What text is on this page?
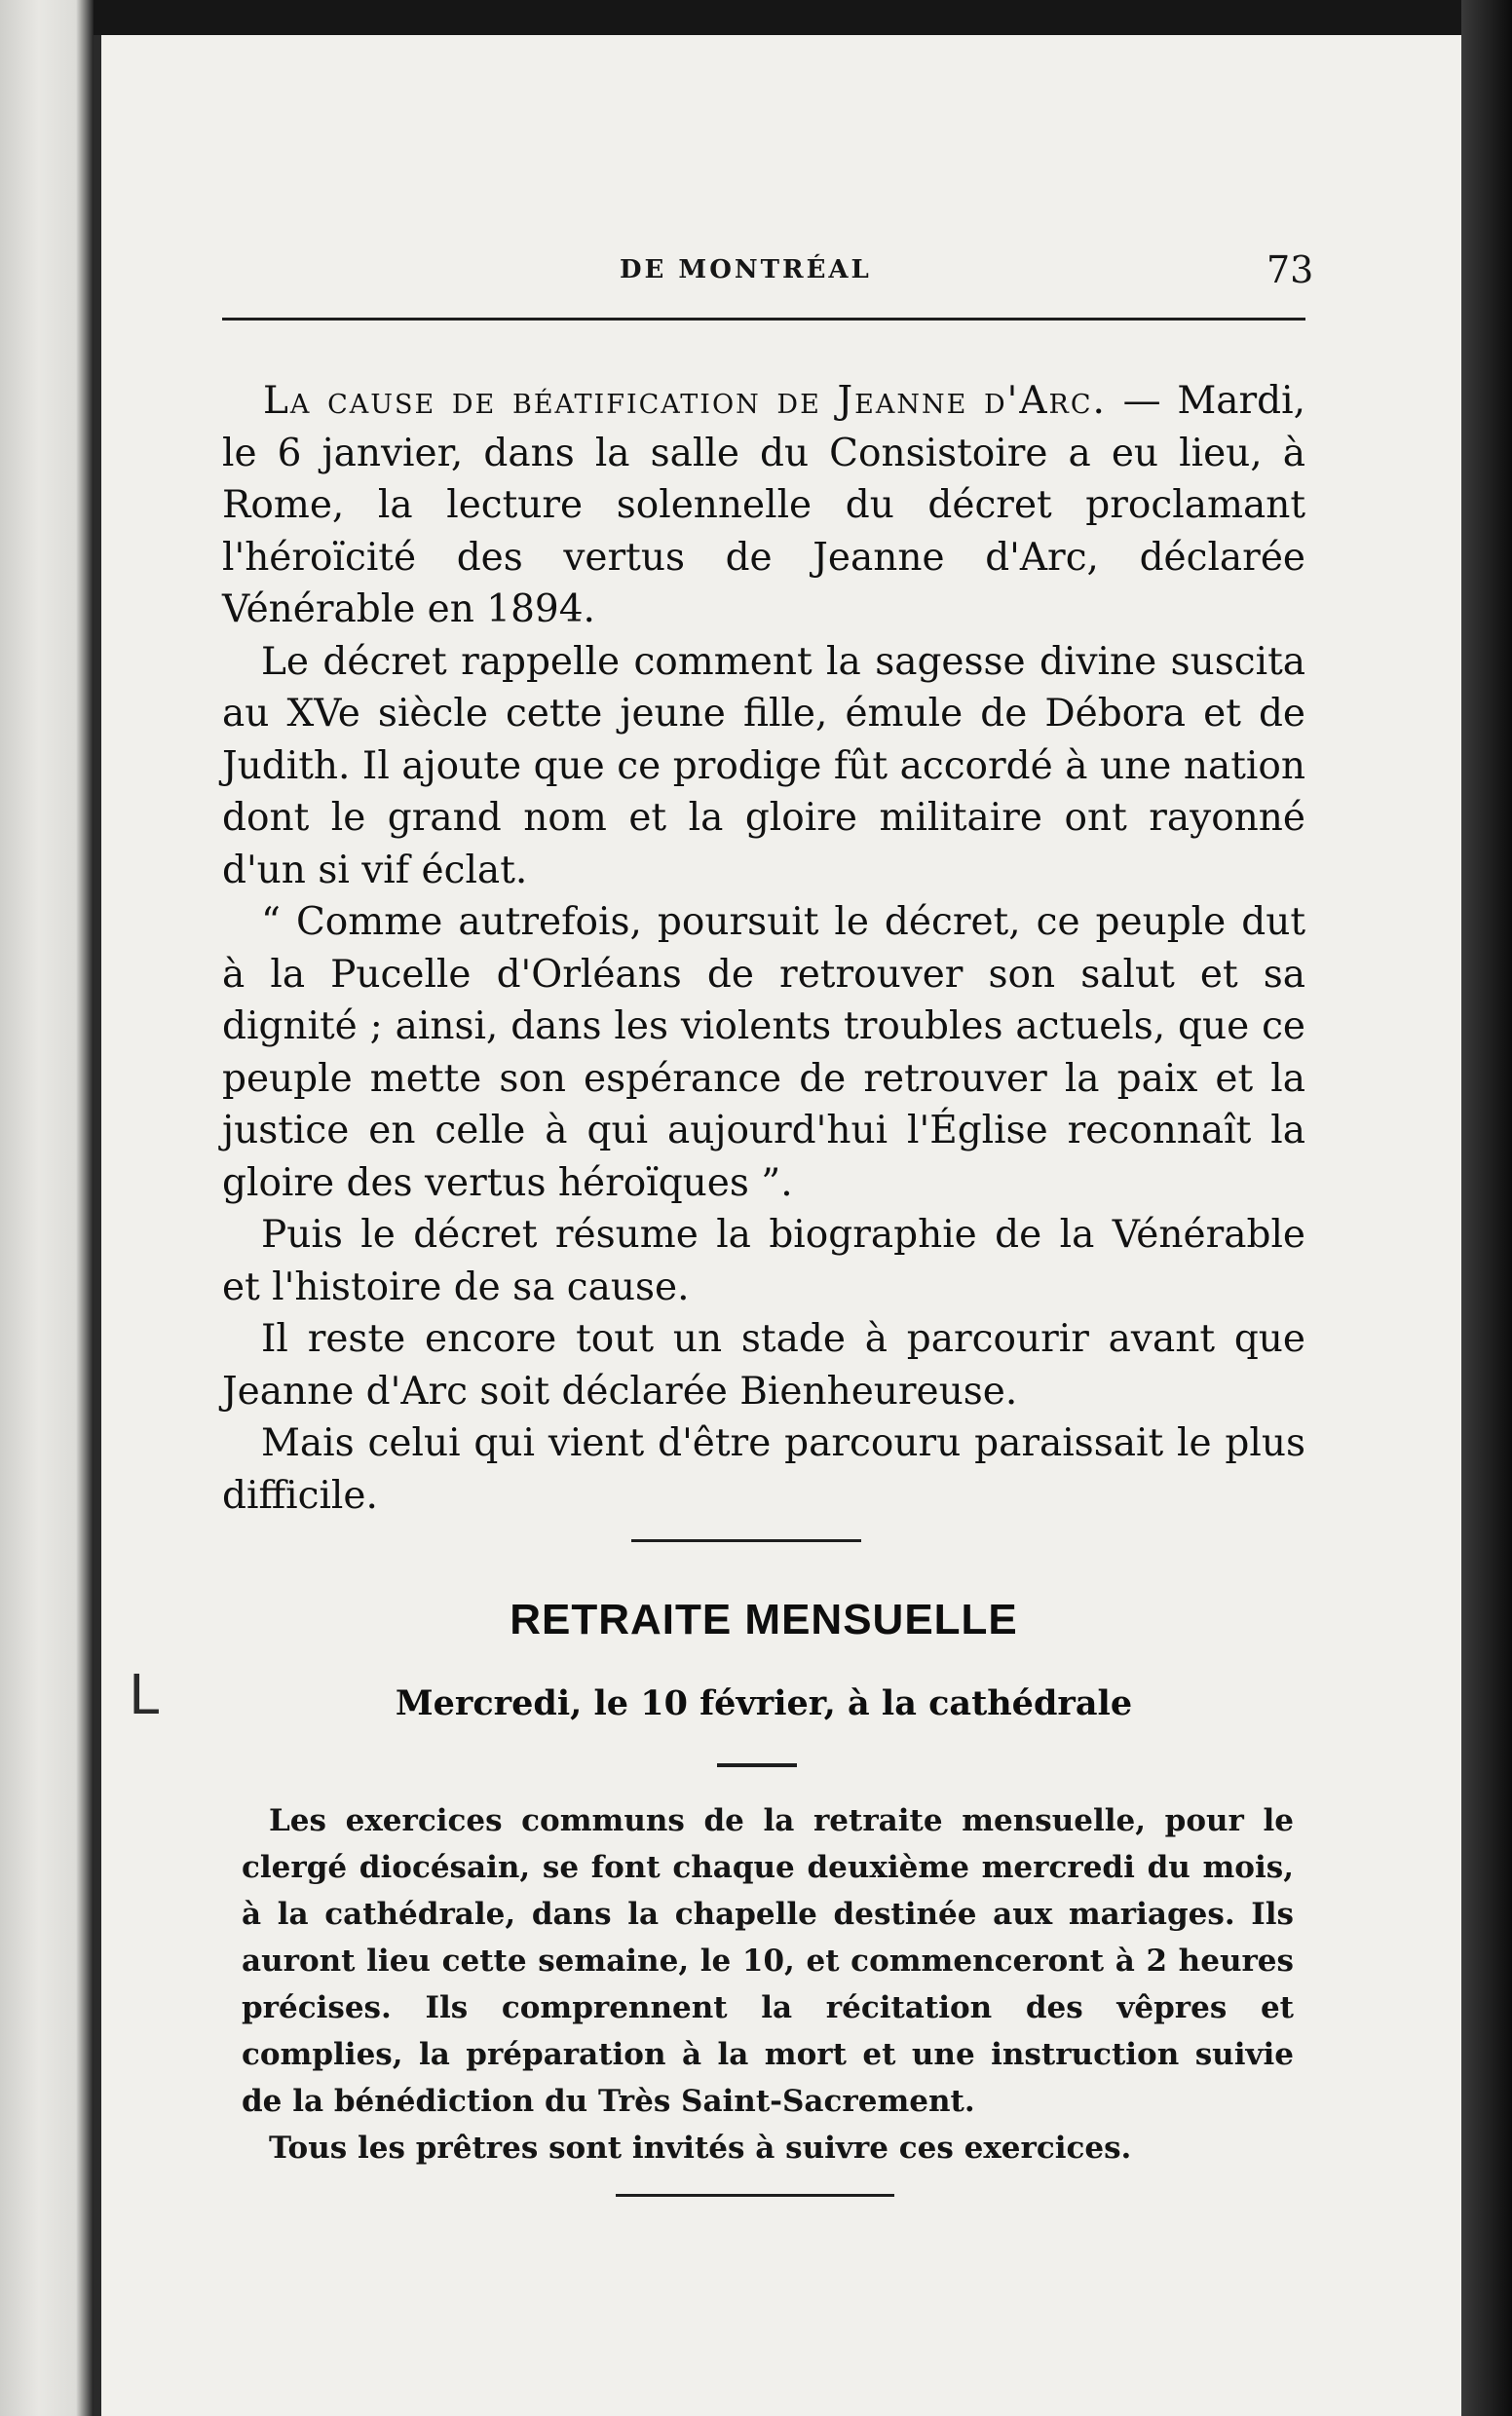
DE MONTRÉAL	73

La cause de béatification de Jeanne d'Arc. — Mardi, le 6 janvier, dans la salle du Consistoire a eu lieu, à Rome, la lecture solennelle du décret proclamant l'héroïcité des vertus de Jeanne d'Arc, déclarée Vénérable en 1894.

Le décret rappelle comment la sagesse divine suscita au XVe siècle cette jeune fille, émule de Débora et de Judith. Il ajoute que ce prodige fût accordé à une nation dont le grand nom et la gloire militaire ont rayonné d'un si vif éclat.

“ Comme autrefois, poursuit le décret, ce peuple dut à la Pucelle d'Orléans de retrouver son salut et sa dignité ; ainsi, dans les violents troubles actuels, que ce peuple mette son espérance de retrouver la paix et la justice en celle à qui aujourd'hui l'Église reconnaît la gloire des vertus héroïques ”.

Puis le décret résume la biographie de la Vénérable et l'histoire de sa cause.

Il reste encore tout un stade à parcourir avant que Jeanne d'Arc soit déclarée Bienheureuse.

Mais celui qui vient d'être parcouru paraissait le plus difficile.

RETRAITE MENSUELLE
ᒪ	Mercredi, le 10 février, à la cathédrale

Les exercices communs de la retraite mensuelle, pour le clergé diocésain, se font chaque deuxième mercredi du mois, à la cathédrale, dans la chapelle destinée aux mariages. Ils auront lieu cette semaine, le 10, et commenceront à 2 heures précises. Ils comprennent la récitation des vêpres et complies, la préparation à la mort et une instruction suivie de la bénédiction du Très Saint-Sacrement.

Tous les prêtres sont invités à suivre ces exercices.
